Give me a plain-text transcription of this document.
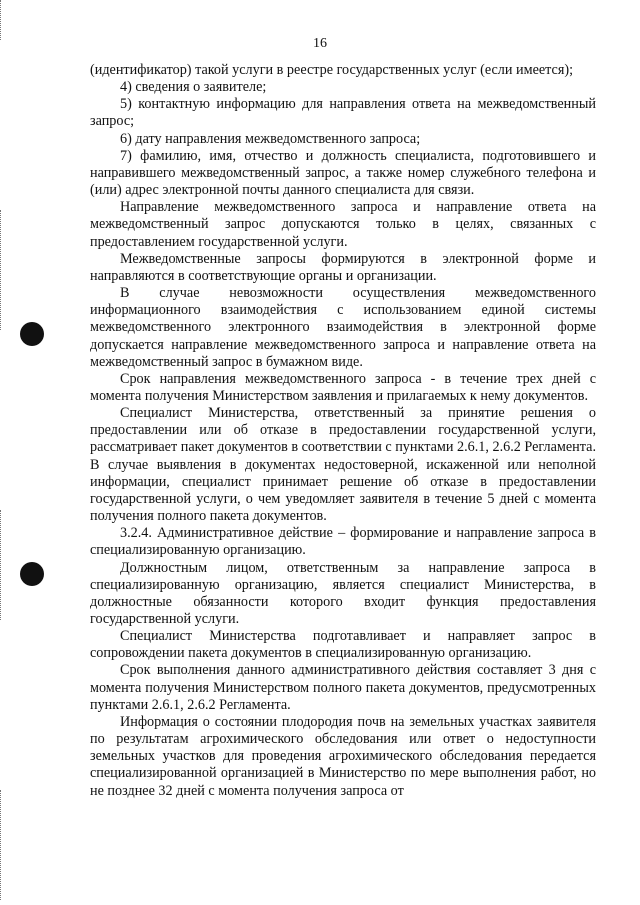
16

(идентификатор) такой услуги в реестре государственных услуг (если имеется);

4) сведения о заявителе;

5) контактную информацию для направления ответа на межведомственный запрос;

6) дату направления межведомственного запроса;

7) фамилию, имя, отчество и должность специалиста, подготовившего и направившего межведомственный запрос, а также номер служебного телефона и (или) адрес электронной почты данного специалиста для связи.

Направление межведомственного запроса и направление ответа на межведомственный запрос допускаются только в целях, связанных с предоставлением государственной услуги.

Межведомственные запросы формируются в электронной форме и направляются в соответствующие органы и организации.

В случае невозможности осуществления межведомственного информационного взаимодействия с использованием единой системы межведомственного электронного взаимодействия в электронной форме допускается направление межведомственного запроса и направление ответа на межведомственный запрос в бумажном виде.

Срок направления межведомственного запроса - в течение трех дней с момента получения Министерством заявления и прилагаемых к нему документов.

Специалист Министерства, ответственный за принятие решения о предоставлении или об отказе в предоставлении государственной услуги, рассматривает пакет документов в соответствии с пунктами 2.6.1, 2.6.2 Регламента. В случае выявления в документах недостоверной, искаженной или неполной информации, специалист принимает решение об отказе в предоставлении государственной услуги, о чем уведомляет заявителя в течение 5 дней с момента получения полного пакета документов.

3.2.4. Административное действие – формирование и направление запроса в специализированную организацию.

Должностным лицом, ответственным за направление запроса в специализированную организацию, является специалист Министерства, в должностные обязанности которого входит функция предоставления государственной услуги.

Специалист Министерства подготавливает и направляет запрос в сопровождении пакета документов в специализированную организацию.

Срок выполнения данного административного действия составляет 3 дня с момента получения Министерством полного пакета документов, предусмотренных пунктами 2.6.1, 2.6.2 Регламента.

Информация о состоянии плодородия почв на земельных участках заявителя по результатам агрохимического обследования или ответ о недоступности земельных участков для проведения агрохимического обследования передается специализированной организацией в Министерство по мере выполнения работ, но не позднее 32 дней с момента получения запроса от
